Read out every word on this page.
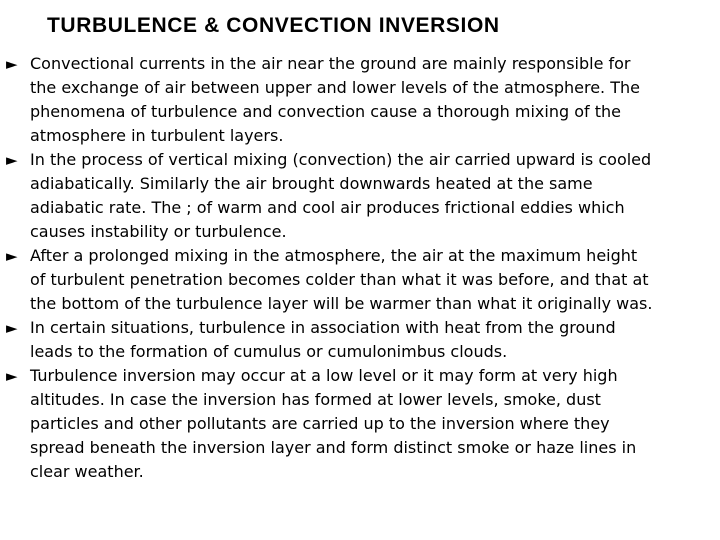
TURBULENCE & CONVECTION INVERSION
► Convectional currents in the air near the ground are mainly responsible for
the exchange of air between upper and lower levels of the atmosphere. The
phenomena of turbulence and convection cause a thorough mixing of the
atmosphere in turbulent layers.
► In the process of vertical mixing (convection) the air carried upward is cooled
adiabatically. Similarly the air brought downwards heated at the same
adiabatic rate. The ; of warm and cool air produces frictional eddies which
causes instability or turbulence.
► After a prolonged mixing in the atmosphere, the air at the maximum height
of turbulent penetration becomes colder than what it was before, and that at
the bottom of the turbulence layer will be warmer than what it originally was.
► In certain situations, turbulence in association with heat from the ground
leads to the formation of cumulus or cumulonimbus clouds.
► Turbulence inversion may occur at a low level or it may form at very high
altitudes. In case the inversion has formed at lower levels, smoke, dust
particles and other pollutants are carried up to the inversion where they
spread beneath the inversion layer and form distinct smoke or haze lines in
clear weather.
